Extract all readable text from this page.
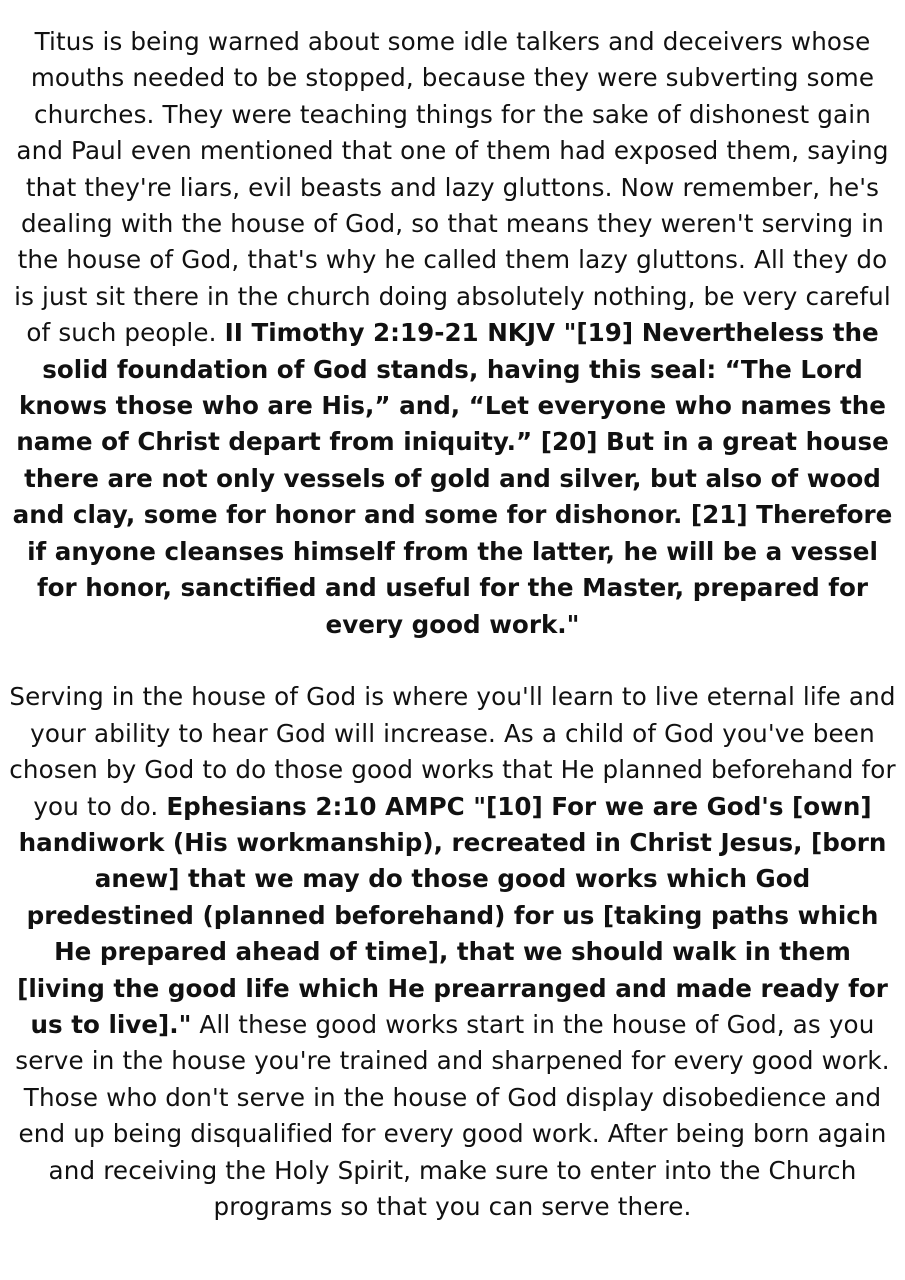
Titus is being warned about some idle talkers and deceivers whose mouths needed to be stopped, because they were subverting some churches. They were teaching things for the sake of dishonest gain and Paul even mentioned that one of them had exposed them, saying that they're liars, evil beasts and lazy gluttons. Now remember, he's dealing with the house of God, so that means they weren't serving in the house of God, that's why he called them lazy gluttons. All they do is just sit there in the church doing absolutely nothing, be very careful of such people. II Timothy 2:19-21 NKJV "[19] Nevertheless the solid foundation of God stands, having this seal: “The Lord knows those who are His,” and, “Let everyone who names the name of Christ depart from iniquity.” [20] But in a great house there are not only vessels of gold and silver, but also of wood and clay, some for honor and some for dishonor. [21] Therefore if anyone cleanses himself from the latter, he will be a vessel for honor, sanctified and useful for the Master, prepared for every good work."

Serving in the house of God is where you'll learn to live eternal life and your ability to hear God will increase. As a child of God you've been chosen by God to do those good works that He planned beforehand for you to do. Ephesians 2:10 AMPC "[10] For we are God's [own] handiwork (His workmanship), recreated in Christ Jesus, [born anew] that we may do those good works which God predestined (planned beforehand) for us [taking paths which He prepared ahead of time], that we should walk in them [living the good life which He prearranged and made ready for us to live]." All these good works start in the house of God, as you serve in the house you're trained and sharpened for every good work. Those who don't serve in the house of God display disobedience and end up being disqualified for every good work. After being born again and receiving the Holy Spirit, make sure to enter into the Church programs so that you can serve there.
